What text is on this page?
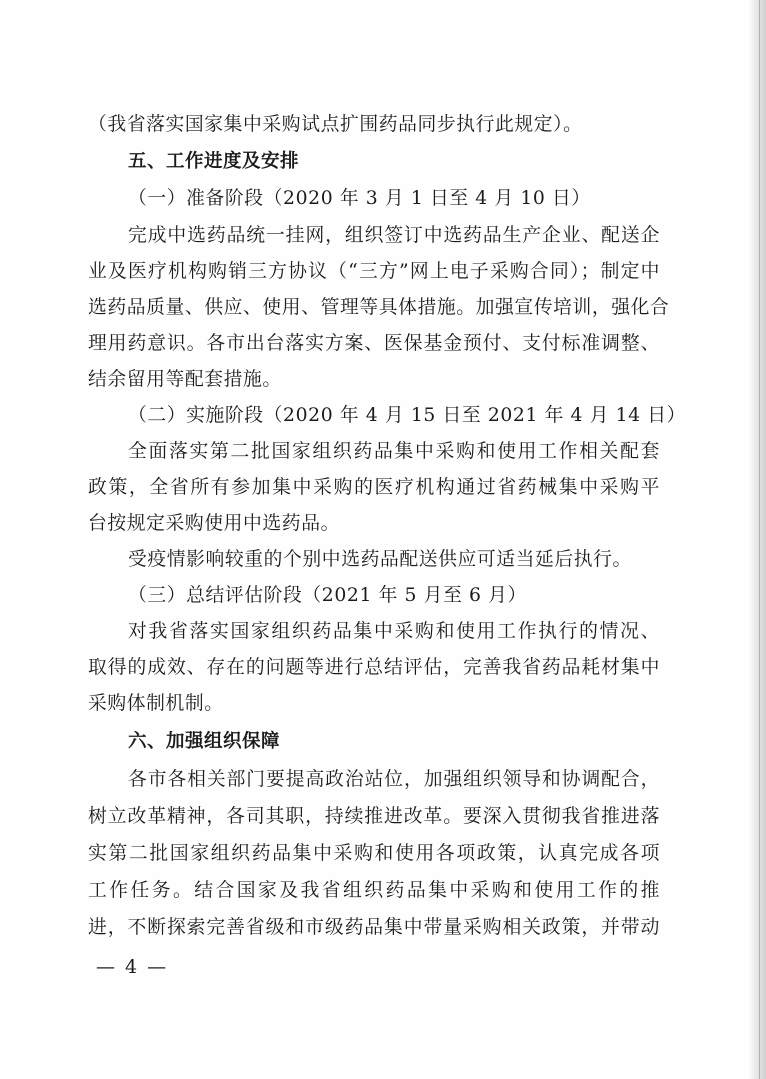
（我省落实国家集中采购试点扩围药品同步执行此规定）。
五、工作进度及安排
（一）准备阶段（2020 年 3 月 1 日至 4 月 10 日）
完成中选药品统一挂网，组织签订中选药品生产企业、配送企
业及医疗机构购销三方协议（“三方”网上电子采购合同）；制定中
选药品质量、供应、使用、管理等具体措施。加强宣传培训，强化合
理用药意识。各市出台落实方案、医保基金预付、支付标准调整、
结余留用等配套措施。
（二）实施阶段（2020 年 4 月 15 日至 2021 年 4 月 14 日）
全面落实第二批国家组织药品集中采购和使用工作相关配套
政策，全省所有参加集中采购的医疗机构通过省药械集中采购平
台按规定采购使用中选药品。
受疫情影响较重的个别中选药品配送供应可适当延后执行。
（三）总结评估阶段（2021 年 5 月至 6 月）
对我省落实国家组织药品集中采购和使用工作执行的情况、
取得的成效、存在的问题等进行总结评估，完善我省药品耗材集中
采购体制机制。
六、加强组织保障
各市各相关部门要提高政治站位，加强组织领导和协调配合，
树立改革精神，各司其职，持续推进改革。要深入贯彻我省推进落
实第二批国家组织药品集中采购和使用各项政策，认真完成各项
工作任务。结合国家及我省组织药品集中采购和使用工作的推
进，不断探索完善省级和市级药品集中带量采购相关政策，并带动
— 4 —
